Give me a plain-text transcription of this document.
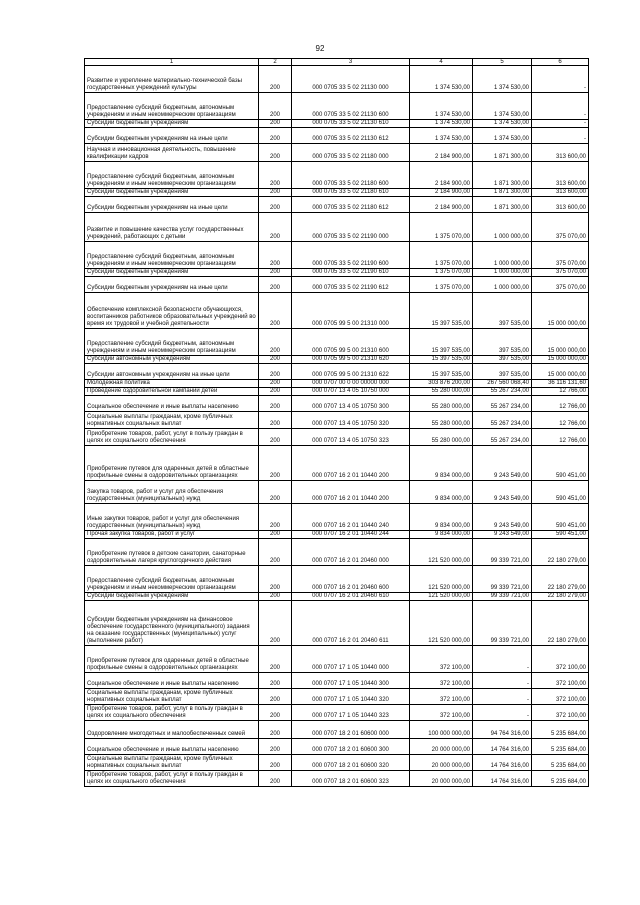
92
1	2	3	4	5	6
Развитие и укрепление материально-технической базы государственных учреждений культуры	200	000 0705 33 5 02 21130 000	1 374 530,00	1 374 530,00	-
Предоставление субсидий бюджетным, автономным учреждениям и иным некоммерческим организациям	200	000 0705 33 5 02 21130 600	1 374 530,00	1 374 530,00	-
Субсидии бюджетным учреждениям	200	000 0705 33 5 02 21130 610	1 374 530,00	1 374 530,00	-
Субсидии бюджетным учреждениям на иные цели	200	000 0705 33 5 02 21130 612	1 374 530,00	1 374 530,00	-
Научная и инновационная деятельность, повышение квалификации кадров	200	000 0705 33 5 02 21180 000	2 184 900,00	1 871 300,00	313 600,00
Предоставление субсидий бюджетным, автономным учреждениям и иным некоммерческим организациям	200	000 0705 33 5 02 21180 600	2 184 900,00	1 871 300,00	313 600,00
Субсидии бюджетным учреждениям	200	000 0705 33 5 02 21180 610	2 184 900,00	1 871 300,00	313 600,00
Субсидии бюджетным учреждениям на иные цели	200	000 0705 33 5 02 21180 612	2 184 900,00	1 871 300,00	313 600,00
Развитие и повышение качества услуг государственных учреждений, работающих с детьми	200	000 0705 33 5 02 21190 000	1 375 070,00	1 000 000,00	375 070,00
Предоставление субсидий бюджетным, автономным учреждениям и иным некоммерческим организациям	200	000 0705 33 5 02 21190 600	1 375 070,00	1 000 000,00	375 070,00
Субсидии бюджетным учреждениям	200	000 0705 33 5 02 21190 610	1 375 070,00	1 000 000,00	375 070,00
Субсидии бюджетным учреждениям на иные цели	200	000 0705 33 5 02 21190 612	1 375 070,00	1 000 000,00	375 070,00
Обеспечение комплексной безопасности обучающихся, воспитанников работников образовательных учреждений во время их трудовой и учебной деятельности	200	000 0705 99 5 00 21310 000	15 397 535,00	397 535,00	15 000 000,00
Предоставление субсидий бюджетным, автономным учреждениям и иным некоммерческим организациям	200	000 0705 99 5 00 21310 600	15 397 535,00	397 535,00	15 000 000,00
Субсидии автономным учреждениям	200	000 0705 99 5 00 21310 620	15 397 535,00	397 535,00	15 000 000,00
Субсидии автономным учреждениям на иные цели	200	000 0705 99 5 00 21310 622	15 397 535,00	397 535,00	15 000 000,00
Молодежная политика	200	000 0707 00 0 00 00000 000	303 876 200,00	267 560 068,40	36 116 131,60
Проведение оздоровительной кампании детей	200	000 0707 13 4 05 10750 000	55 280 000,00	55 267 234,00	12 766,00
Социальное обеспечение и иные выплаты населению	200	000 0707 13 4 05 10750 300	55 280 000,00	55 267 234,00	12 766,00
Социальные выплаты гражданам, кроме публичных нормативных социальных выплат	200	000 0707 13 4 05 10750 320	55 280 000,00	55 267 234,00	12 766,00
Приобретение товаров, работ, услуг в пользу граждан в целях их социального обеспечения	200	000 0707 13 4 05 10750 323	55 280 000,00	55 267 234,00	12 766,00
Приобретение путевок для одаренных детей в областные профильные смены в оздоровительных организациях	200	000 0707 16 2 01 10440 200	9 834 000,00	9 243 549,00	590 451,00
Закупка товаров, работ и услуг для обеспечения государственных (муниципальных) нужд	200	000 0707 16 2 01 10440 200	9 834 000,00	9 243 549,00	590 451,00
Иные закупки товаров, работ и услуг для обеспечения государственных (муниципальных) нужд	200	000 0707 16 2 01 10440 240	9 834 000,00	9 243 549,00	590 451,00
Прочая закупка товаров, работ и услуг	200	000 0707 16 2 01 10440 244	9 834 000,00	9 243 549,00	590 451,00
Приобретение путевок в детские санатории, санаторные оздоровительные лагеря круглогодичного действия	200	000 0707 16 2 01 20460 000	121 520 000,00	99 339 721,00	22 180 279,00
Предоставление субсидий бюджетным, автономным учреждениям и иным некоммерческим организациям	200	000 0707 16 2 01 20460 600	121 520 000,00	99 339 721,00	22 180 279,00
Субсидии бюджетным учреждениям	200	000 0707 16 2 01 20460 610	121 520 000,00	99 339 721,00	22 180 279,00
Субсидии бюджетным учреждениям на финансовое обеспечение государственного (муниципального) задания на оказание государственных (муниципальных) услуг (выполнение работ)	200	000 0707 16 2 01 20460 611	121 520 000,00	99 339 721,00	22 180 279,00
Приобретение путевок для одаренных детей в областные профильные смены в оздоровительных организациях	200	000 0707 17 1 05 10440 000	372 100,00	-	372 100,00
Социальное обеспечение и иные выплаты населению	200	000 0707 17 1 05 10440 300	372 100,00	-	372 100,00
Социальные выплаты гражданам, кроме публичных нормативных социальных выплат	200	000 0707 17 1 05 10440 320	372 100,00	-	372 100,00
Приобретение товаров, работ, услуг в пользу граждан в целях их социального обеспечения	200	000 0707 17 1 05 10440 323	372 100,00	-	372 100,00
Оздоровление многодетных и малообеспеченных семей	200	000 0707 18 2 01 60600 000	100 000 000,00	94 764 316,00	5 235 684,00
Социальное обеспечение и иные выплаты населению	200	000 0707 18 2 01 60600 300	20 000 000,00	14 764 316,00	5 235 684,00
Социальные выплаты гражданам, кроме публичных нормативных социальных выплат	200	000 0707 18 2 01 60600 320	20 000 000,00	14 764 316,00	5 235 684,00
Приобретение товаров, работ, услуг в пользу граждан в целях их социального обеспечения	200	000 0707 18 2 01 60600 323	20 000 000,00	14 764 316,00	5 235 684,00
